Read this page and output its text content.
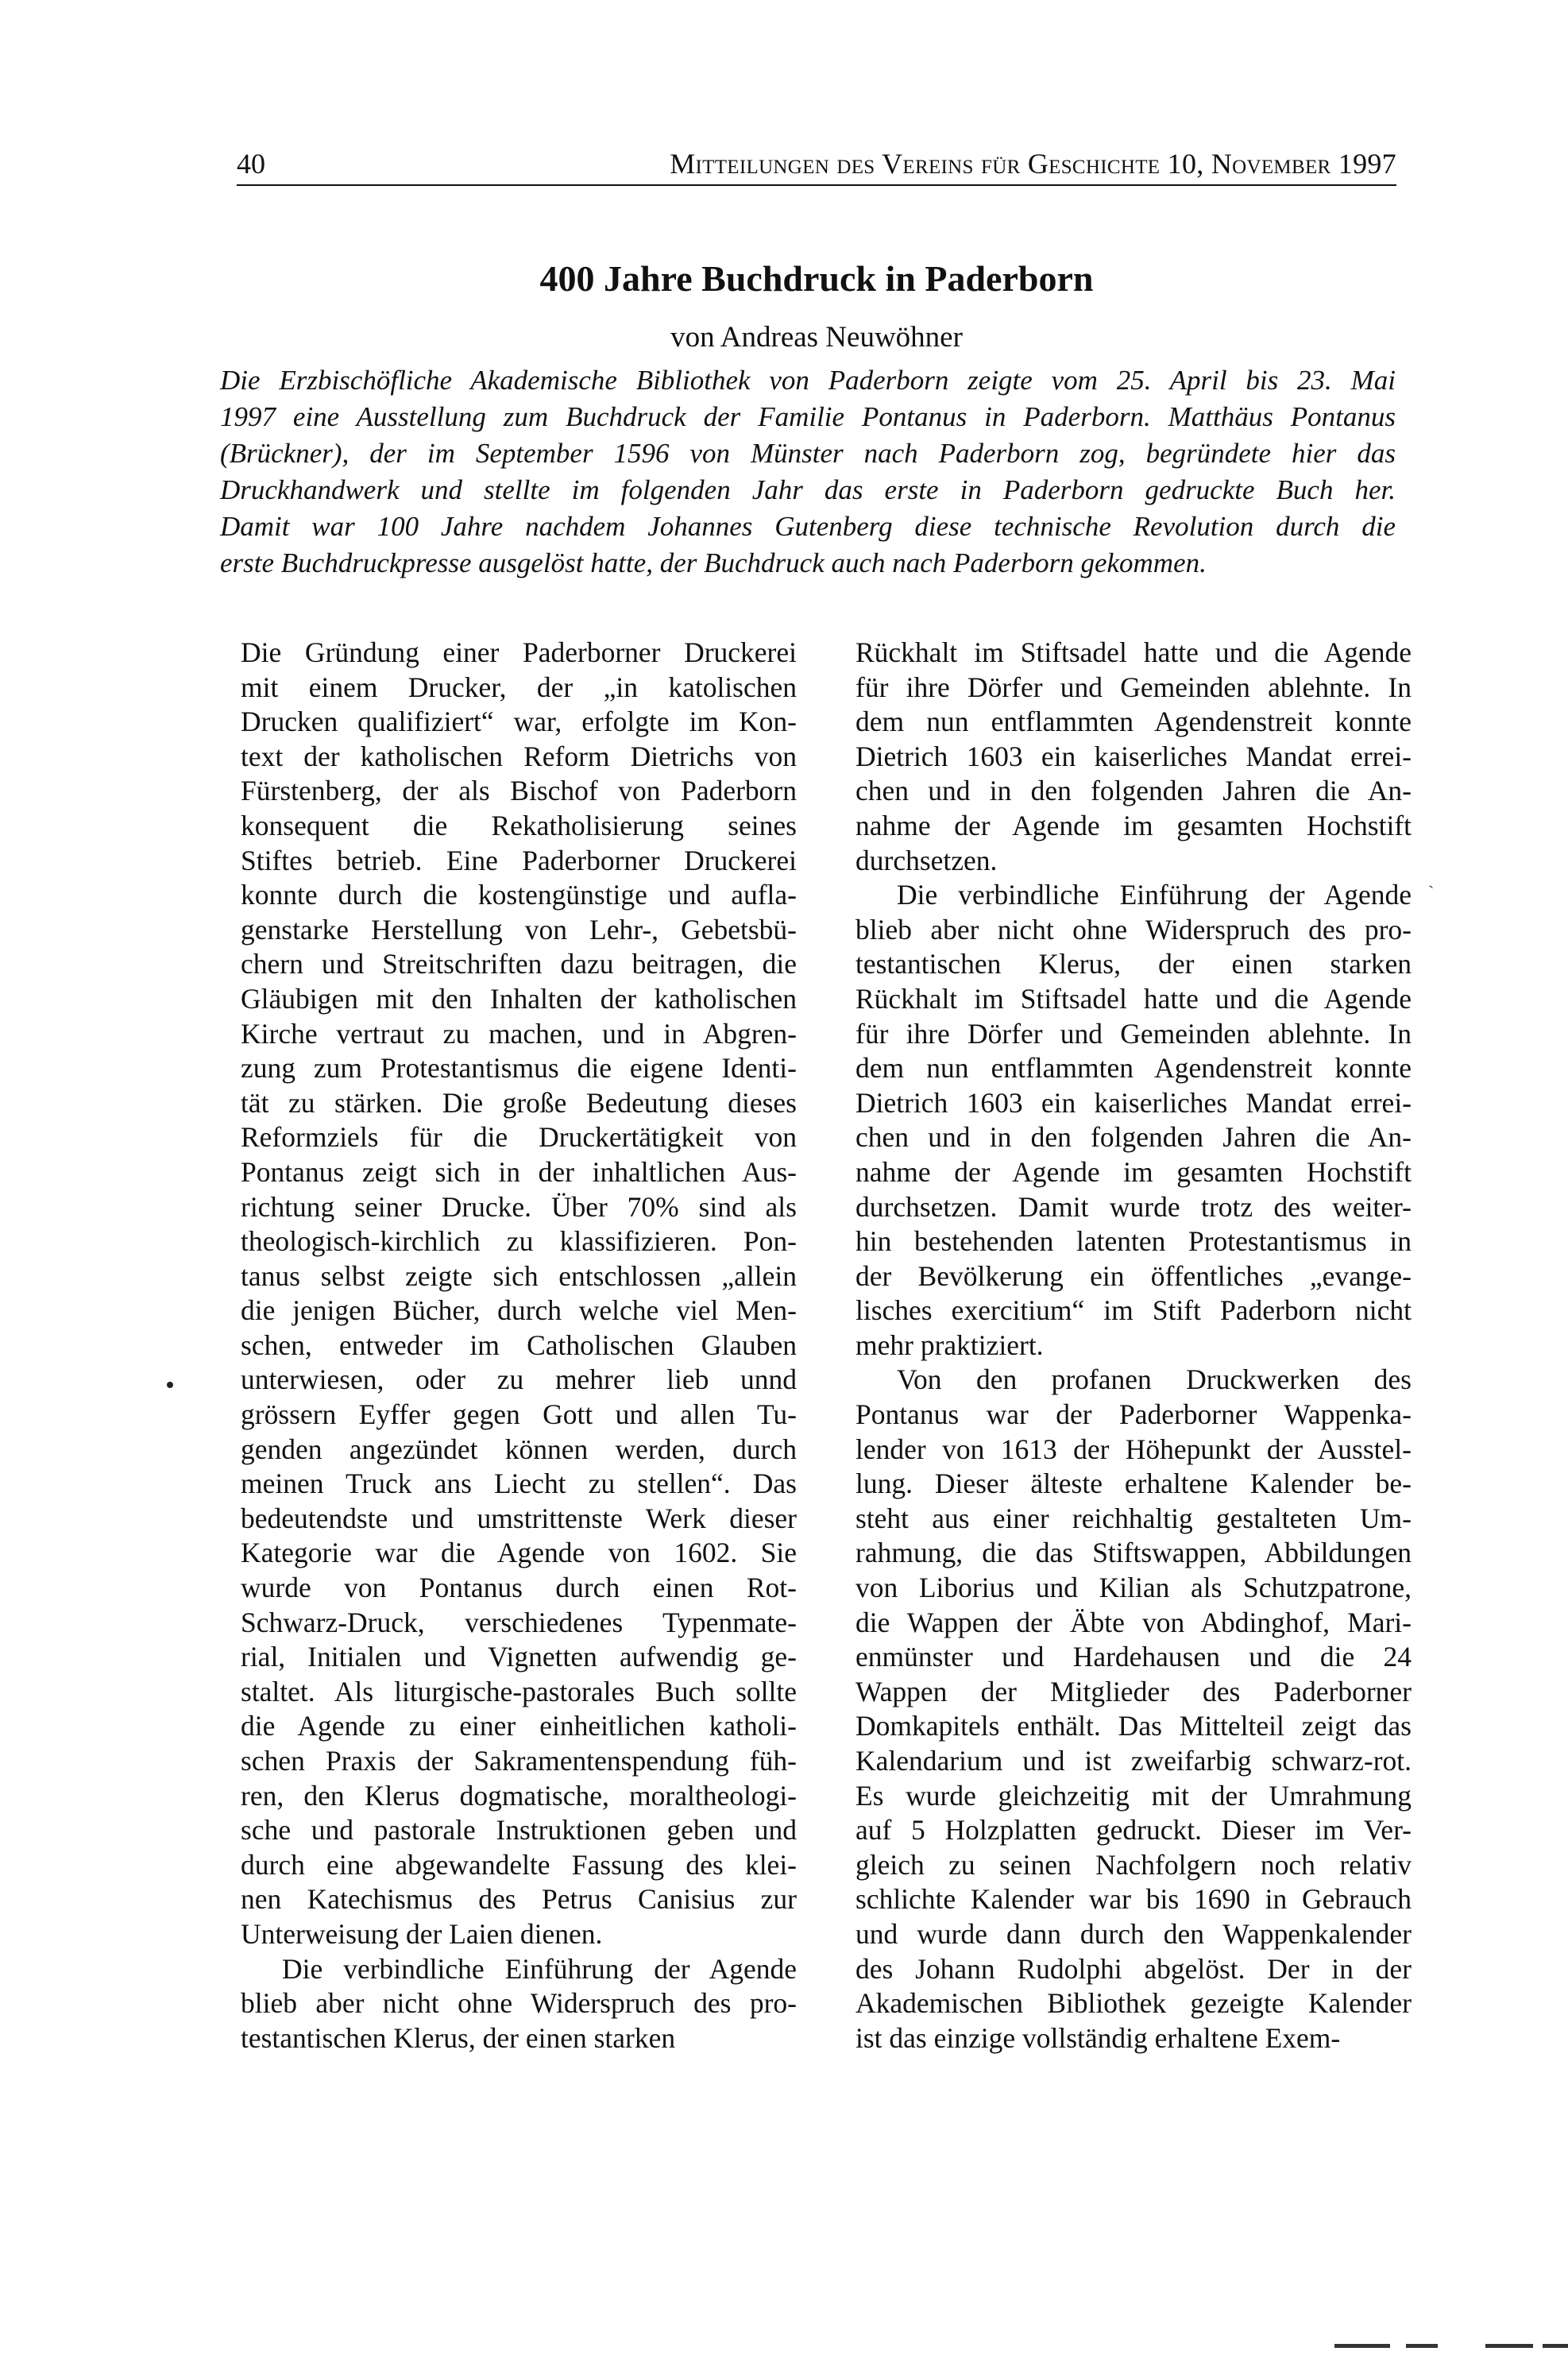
40	Mitteilungen des Vereins für Geschichte 10, November 1997
400 Jahre Buchdruck in Paderborn
von Andreas Neuwöhner

Die Erzbischöfliche Akademische Bibliothek von Paderborn zeigte vom 25. April bis 23. Mai
1997 eine Ausstellung zum Buchdruck der Familie Pontanus in Paderborn. Matthäus Pontanus
(Brückner), der im September 1596 von Münster nach Paderborn zog, begründete hier das
Druckhandwerk und stellte im folgenden Jahr das erste in Paderborn gedruckte Buch her.
Damit war 100 Jahre nachdem Johannes Gutenberg diese technische Revolution durch die
erste Buchdruckpresse ausgelöst hatte, der Buchdruck auch nach Paderborn gekommen.

Die Gründung einer Paderborner Druckerei
mit einem Drucker, der „in katolischen
Drucken qualifiziert“ war, erfolgte im Kon-
text der katholischen Reform Dietrichs von
Fürstenberg, der als Bischof von Paderborn
konsequent die Rekatholisierung seines
Stiftes betrieb. Eine Paderborner Druckerei
konnte durch die kostengünstige und aufla-
genstarke Herstellung von Lehr-, Gebetsbü-
chern und Streitschriften dazu beitragen, die
Gläubigen mit den Inhalten der katholischen
Kirche vertraut zu machen, und in Abgren-
zung zum Protestantismus die eigene Identi-
tät zu stärken. Die große Bedeutung dieses
Reformziels für die Druckertätigkeit von
Pontanus zeigt sich in der inhaltlichen Aus-
richtung seiner Drucke. Über 70% sind als
theologisch-kirchlich zu klassifizieren. Pon-
tanus selbst zeigte sich entschlossen „allein
die jenigen Bücher, durch welche viel Men-
schen, entweder im Catholischen Glauben
unterwiesen, oder zu mehrer lieb unnd
grössern Eyffer gegen Gott und allen Tu-
genden angezündet können werden, durch
meinen Truck ans Liecht zu stellen“. Das
bedeutendste und umstrittenste Werk dieser
Kategorie war die Agende von 1602. Sie
wurde von Pontanus durch einen Rot-
Schwarz-Druck, verschiedenes Typenmate-
rial, Initialen und Vignetten aufwendig ge-
staltet. Als liturgische-pastorales Buch sollte
die Agende zu einer einheitlichen katholi-
schen Praxis der Sakramentenspendung füh-
ren, den Klerus dogmatische, moraltheologi-
sche und pastorale Instruktionen geben und
durch eine abgewandelte Fassung des klei-
nen Katechismus des Petrus Canisius zur
Unterweisung der Laien dienen.
Die verbindliche Einführung der Agende
blieb aber nicht ohne Widerspruch des pro-
testantischen Klerus, der einen starken
Rückhalt im Stiftsadel hatte und die Agende
für ihre Dörfer und Gemeinden ablehnte. In
dem nun entflammten Agendenstreit konnte
Dietrich 1603 ein kaiserliches Mandat errei-
chen und in den folgenden Jahren die An-
nahme der Agende im gesamten Hochstift
durchsetzen.
Die verbindliche Einführung der Agende
blieb aber nicht ohne Widerspruch des pro-
testantischen Klerus, der einen starken
Rückhalt im Stiftsadel hatte und die Agende
für ihre Dörfer und Gemeinden ablehnte. In
dem nun entflammten Agendenstreit konnte
Dietrich 1603 ein kaiserliches Mandat errei-
chen und in den folgenden Jahren die An-
nahme der Agende im gesamten Hochstift
durchsetzen. Damit wurde trotz des weiter-
hin bestehenden latenten Protestantismus in
der Bevölkerung ein öffentliches „evange-
lisches exercitium“ im Stift Paderborn nicht
mehr praktiziert.
Von den profanen Druckwerken des
Pontanus war der Paderborner Wappenka-
lender von 1613 der Höhepunkt der Ausstel-
lung. Dieser älteste erhaltene Kalender be-
steht aus einer reichhaltig gestalteten Um-
rahmung, die das Stiftswappen, Abbildungen
von Liborius und Kilian als Schutzpatrone,
die Wappen der Äbte von Abdinghof, Mari-
enmünster und Hardehausen und die 24
Wappen der Mitglieder des Paderborner
Domkapitels enthält. Das Mittelteil zeigt das
Kalendarium und ist zweifarbig schwarz-rot.
Es wurde gleichzeitig mit der Umrahmung
auf 5 Holzplatten gedruckt. Dieser im Ver-
gleich zu seinen Nachfolgern noch relativ
schlichte Kalender war bis 1690 in Gebrauch
und wurde dann durch den Wappenkalender
des Johann Rudolphi abgelöst. Der in der
Akademischen Bibliothek gezeigte Kalender
ist das einzige vollständig erhaltene Exem-
ˎ
